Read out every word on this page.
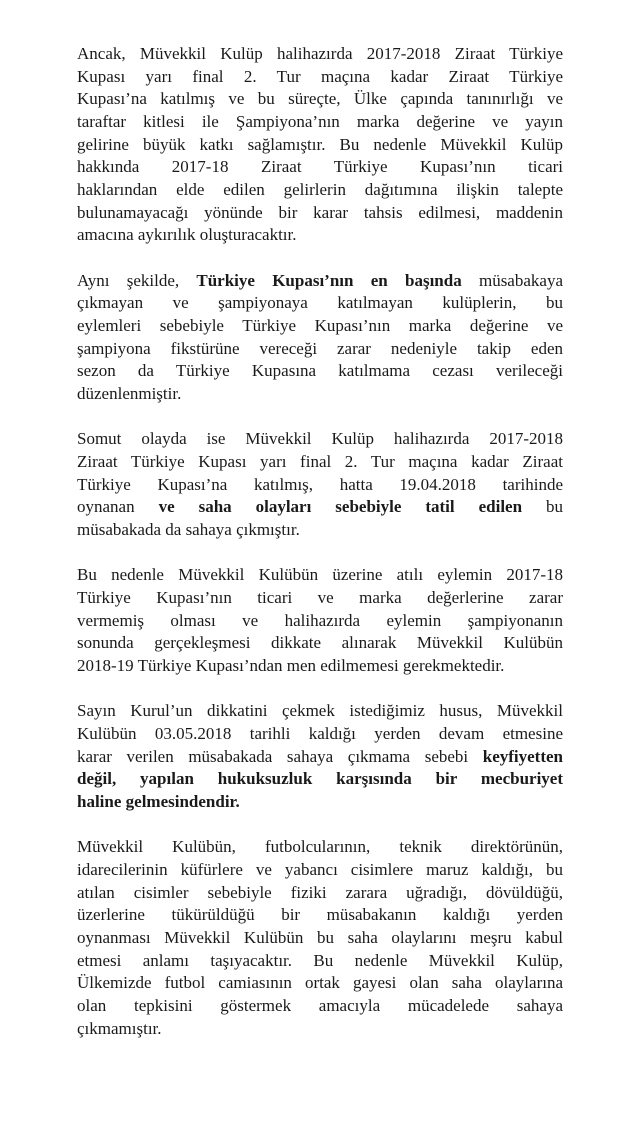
Ancak, Müvekkil Kulüp halihazırda 2017-2018 Ziraat Türkiye
Kupası yarı final 2. Tur maçına kadar Ziraat Türkiye
Kupası’na katılmış ve bu süreçte, Ülke çapında tanınırlığı ve
taraftar kitlesi ile Şampiyona’nın marka değerine ve yayın
gelirine büyük katkı sağlamıştır. Bu nedenle Müvekkil Kulüp
hakkında 2017-18 Ziraat Türkiye Kupası’nın ticari
haklarından elde edilen gelirlerin dağıtımına ilişkin talepte
bulunamayacağı yönünde bir karar tahsis edilmesi, maddenin
amacına aykırılık oluşturacaktır.

Aynı şekilde, Türkiye Kupası’nın en başında müsabakaya
çıkmayan ve şampiyonaya katılmayan kulüplerin, bu
eylemleri sebebiyle Türkiye Kupası’nın marka değerine ve
şampiyona fikstürüne vereceği zarar nedeniyle takip eden
sezon da Türkiye Kupasına katılmama cezası verileceği
düzenlenmiştir.

Somut olayda ise Müvekkil Kulüp halihazırda 2017-2018
Ziraat Türkiye Kupası yarı final 2. Tur maçına kadar Ziraat
Türkiye Kupası’na katılmış, hatta 19.04.2018 tarihinde
oynanan ve saha olayları sebebiyle tatil edilen bu
müsabakada da sahaya çıkmıştır.

Bu nedenle Müvekkil Kulübün üzerine atılı eylemin 2017-18
Türkiye Kupası’nın ticari ve marka değerlerine zarar
vermemiş olması ve halihazırda eylemin şampiyonanın
sonunda gerçekleşmesi dikkate alınarak Müvekkil Kulübün
2018-19 Türkiye Kupası’ndan men edilmemesi gerekmektedir.

Sayın Kurul’un dikkatini çekmek istediğimiz husus, Müvekkil
Kulübün 03.05.2018 tarihli kaldığı yerden devam etmesine
karar verilen müsabakada sahaya çıkmama sebebi keyfiyetten
değil, yapılan hukuksuzluk karşısında bir mecburiyet
haline gelmesindendir.

Müvekkil Kulübün, futbolcularının, teknik direktörünün,
idarecilerinin küfürlere ve yabancı cisimlere maruz kaldığı, bu
atılan cisimler sebebiyle fiziki zarara uğradığı, dövüldüğü,
üzerlerine tükürüldüğü bir müsabakanın kaldığı yerden
oynanması Müvekkil Kulübün bu saha olaylarını meşru kabul
etmesi anlamı taşıyacaktır. Bu nedenle Müvekkil Kulüp,
Ülkemizde futbol camiasının ortak gayesi olan saha olaylarına
olan tepkisini göstermek amacıyla mücadelede sahaya
çıkmamıştır.
